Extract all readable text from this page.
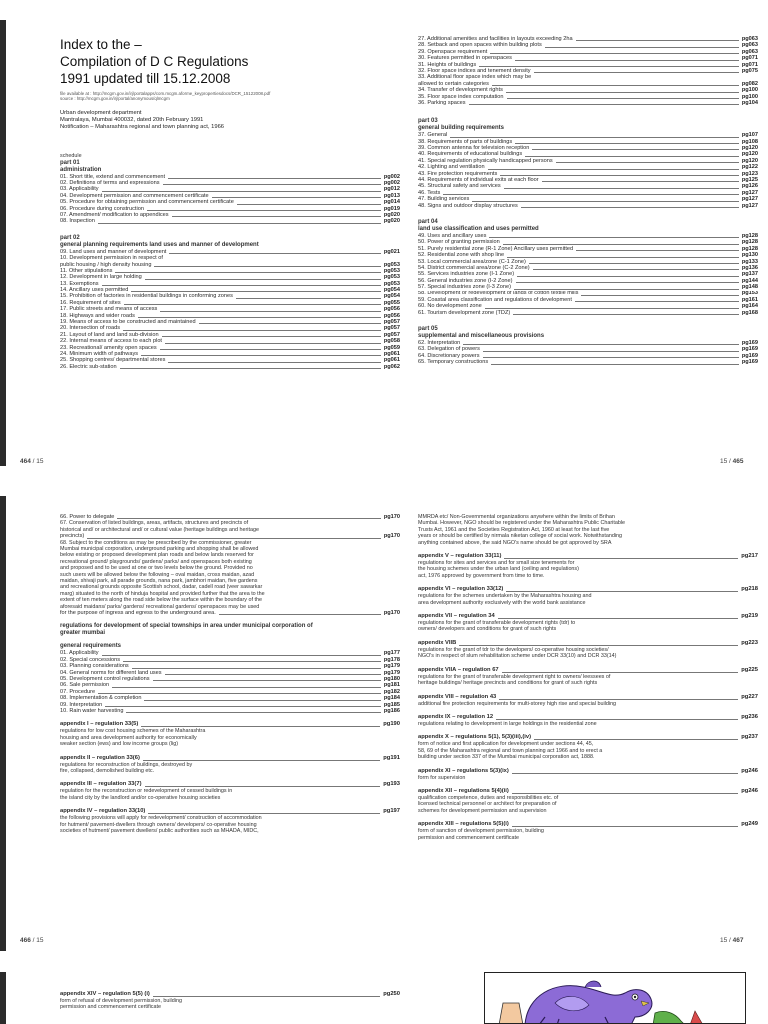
Index to the –
Compilation of D C Regulations
1991 updated till 15.12.2008
file available at : http://mcgm.gov.in/irj/portalapps/com.mcgm.aforme_keypropertiesdocs/DCR_15122008.pdf
source : http://mcgm.gov.in/irj/portal/anonymous/qlmcgm
Urban development department
Mantralaya, Mumbai 400032, dated 20th February 1991
Notification – Maharashtra regional and town planning act, 1966
schedule
part 01
administration
01. Short title, extend and commencement	pg002
02. Definitions of terms and expressions	pg002
03. Applicability	pg012
04. Development permission and commencement certificate	pg013
05. Procedure for obtaining permission and commencement certificate	pg014
06. Procedure during construction	pg019
07. Amendment/ modification to appendices	pg020
08. Inspection	pg020
part 02
general planning requirements land uses and manner of development
09. Land uses and manner of development	pg021
10. Development permission in respect of
public housing / high density housing	pg053
11. Other stipulations	pg053
12. Development in large holding	pg053
13. Exemptions	pg053
14. Ancillary uses permitted	pg054
15. Prohibition of factories in residential buildings in conforming zones	pg054
16. Requirement of sites	pg055
17. Public streets and means of access	pg056
18. Highways and wider roads	pg056
19. Means of access to be constructed and maintained	pg057
20. Intersection of roads	pg057
21. Layout of land and land sub-division	pg057
22. Internal means of access to each plot	pg058
23. Recreational/ amenity open spaces	pg059
24. Minimum width of pathways	pg061
25. Shopping centres/ departmental stores	pg061
26. Electric sub-station	pg062
27. Additional amenities and facilities in layouts exceeding 2ha	pg063
28. Setback and open spaces within building plots	pg063
29. Openspace requirement	pg063
30. Features permitted in openspaces	pg071
31. Heights of buildings	pg071
32. Floor space indices and tenement density	pg075
33. Additional floor space index which may be
allowed to certain categories	pg082
34. Transfer of development rights	pg100
35. Floor space index computation	pg100
36. Parking spaces	pg104
part 03
general building requirements
37. General	pg107
38. Requirements of parts of buildings	pg108
39. Common antenna for television reception	pg120
40. Requirements of educational buildings	pg120
41. Special regulation physically handicapped persons	pg120
42. Lighting and ventilation	pg122
43. Fire protection requirements	pg123
44. Requirements of individual exits at each floor	pg125
45. Structural safety and services	pg126
46. Tests	pg127
47. Building services	pg127
48. Signs and outdoor display structures	pg127
part 04
land use classification and uses permitted
49. Uses and ancillary uses	pg128
50. Power of granting permission	pg128
51. Purely residential zone (R-1 Zone) Ancillary uses permitted	pg128
52. Residential zone with shop line	pg130
53. Local commercial area/zone (C-1 Zone)	pg133
54. District commercial area/zone (C-2 Zone)	pg136
55. Services industries zone (I-1 Zone)	pg137
56. General industries zone (I-2 Zone)	pg144
57. Special industries zone (I-3 Zone)	pg148
58. Development or redevelopment of lands of cotton textile mills	pg153
59. Coastal area classification and regulations of development	pg161
60. No development zone	pg164
61. Tourism development zone (TDZ)	pg168
part 05
supplemental and miscellaneous provisions
62. Interpretation	pg169
63. Delegation of powers	pg169
64. Discretionary powers	pg169
65. Temporary constructions	pg169
464 / 15	15 / 465
66. Power to delegate	pg170
67. Conservation of listed buildings, areas, artifacts, structures and precincts of
historical and/ or architectural and/ or cultural value (heritage buildings and heritage
precincts)	pg170
68. Subject to the conditions as may be prescribed by the commissioner, greater
Mumbai municipal corporation, underground parking and shopping shall be allowed
below existing or proposed development plan roads and below lands reserved for
recreational ground/ playgrounds/ gardens/ parks/ and openspaces both existing
and proposed and to be used at one or two levels below the ground. Provided no
such users will be allowed below the following – oval maidan, cross maidan, azad
maidan, shivaji park, all parade grounds, nana park, jambhori maidan, five gardens
and recreational grounds opposite Scottish school, dadar, cadell road (veer sawarkar
marg) situated to the north of hinduja hospital and provided further that the area to the
extent of ten meters along the road side below the surface within the boundary of the
aforesaid maidans/ parks/ gardens/ recreational gardens/ openspaces may be used
for the purpose of ingress and egress to the underground area.	pg170
regulations for development of special townships in area under municipal corporation of greater mumbai
general requirements
01. Applicability	pg177
02. Special concessions	pg178
03. Planning considerations	pg179
04. General norms for different land uses	pg179
05. Development control regulations	pg180
06. Sale permission	pg181
07. Procedure	pg182
08. Implementation & completion	pg184
09. Interpretation	pg185
10. Rain water harvesting	pg186
appendix I – regulation 33(5)	pg190
regulations for low cost housing schemes of the Maharashtra
housing and area development authority for economically
weaker section (ews) and low income groups (lig)
appendix II – regulation 33(6)	pg191
regulations for reconstruction of buildings, destroyed by
fire, collapsed, demolished building etc.
appendix III – regulation 33(7)	pg193
regulation for the reconstruction or redevelopment of cessed buildings in
the island city by the landlord and/or co-operative housing societies
appendix IV – regulation 33(10)	pg197
the following provisions will apply for redevelopment/ construction of accommodation
for hutment/ pavement-dwellers through owners/ developers/ co-operative housing
societies of hutment/ pavement dwellers/ public authorities such as MHADA, MIDC,
MMRDA etc/ Non-Governmental organizations anywhere within the limits of Brihan
Mumbai. However, NGO should be registered under the Maharashtra Public Charitable
Trusts Act, 1961 and the Societies Registration Act, 1960 at least for the last five
years or should be certified by nirmala niketan college of social work. Notwithstanding
anything contained above, the said NGO's name should be got approved by SRA
appendix V – regulation 33(11)	pg217
regulations for sites and services and for small size tenements for
the housing schemes under the urban land (ceiling and regulations)
act, 1976 approved by government from time to time.
appendix VI – regulation 33(12)	pg218
regulations for the schemes undertaken by the Maharashtra housing and
area development authority exclusively with the world bank assistance
appendix VII – regulation 34	pg219
regulations for the grant of transferable development rights (tdr) to
owners/ developers and conditions for grant of such rights
appendix VIIB	pg223
regulations for the grant of tdr to the developers/ co-operative housing societies/
NGO's in respect of slum rehabilitation scheme under DCR 33(10) and DCR 33(14)
appendix VIIA – regulation 67	pg225
regulations for the grant of transferable development right to owners/ leessees of
heritage buildings/ heritage precincts and conditions for grant of such rights
appendix VIII – regulation 43	pg227
additional fire protection requirements for multi-storey high rise and special building
appendix IX – regulation 12	pg236
regulations relating to development in large holdings in the residential zone
appendix X – regulations 5(1), 5(3)(iii),(iv)	pg237
form of notice and first application for development under sections 44, 45,
58, 69 of the Maharashtra regional and town planning act 1966 and to erect a
building under section 337 of the Mumbai municipal corporation act, 1888.
appendix XI – regulations 5(3)(ix)	pg246
form for supervision
appendix XII – regulations 5(4)(ii)	pg246
qualification competence, duties and responsibilities etc. of
licensed technical personnel or architect for preparation of
schemes for development permission and supervision
appendix XIII – regulations 5(5)(i)	pg249
form of sanction of development permission, building
permission and commencement certificate
466 / 15	15 / 467
appendix XIV – regulation 5(5) (i)	pg250
form of refusal of development permission, building
permission and commencement certificate
